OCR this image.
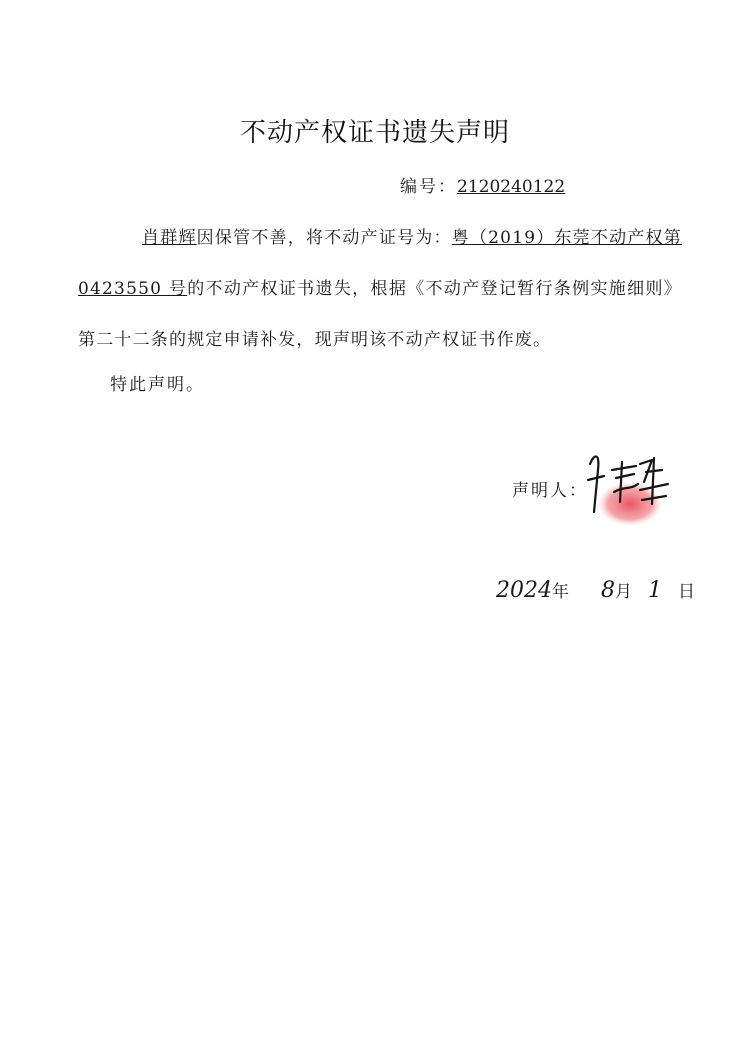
不动产权证书遗失声明
编号：2120240122

肖群辉因保管不善，将不动产证号为：粤（2019）东莞不动产权第 0423550 号的不动产权证书遗失，根据《不动产登记暂行条例实施细则》第二十二条的规定申请补发，现声明该不动产权证书作废。

特此声明。
声明人：
2024年 8月 1 日
